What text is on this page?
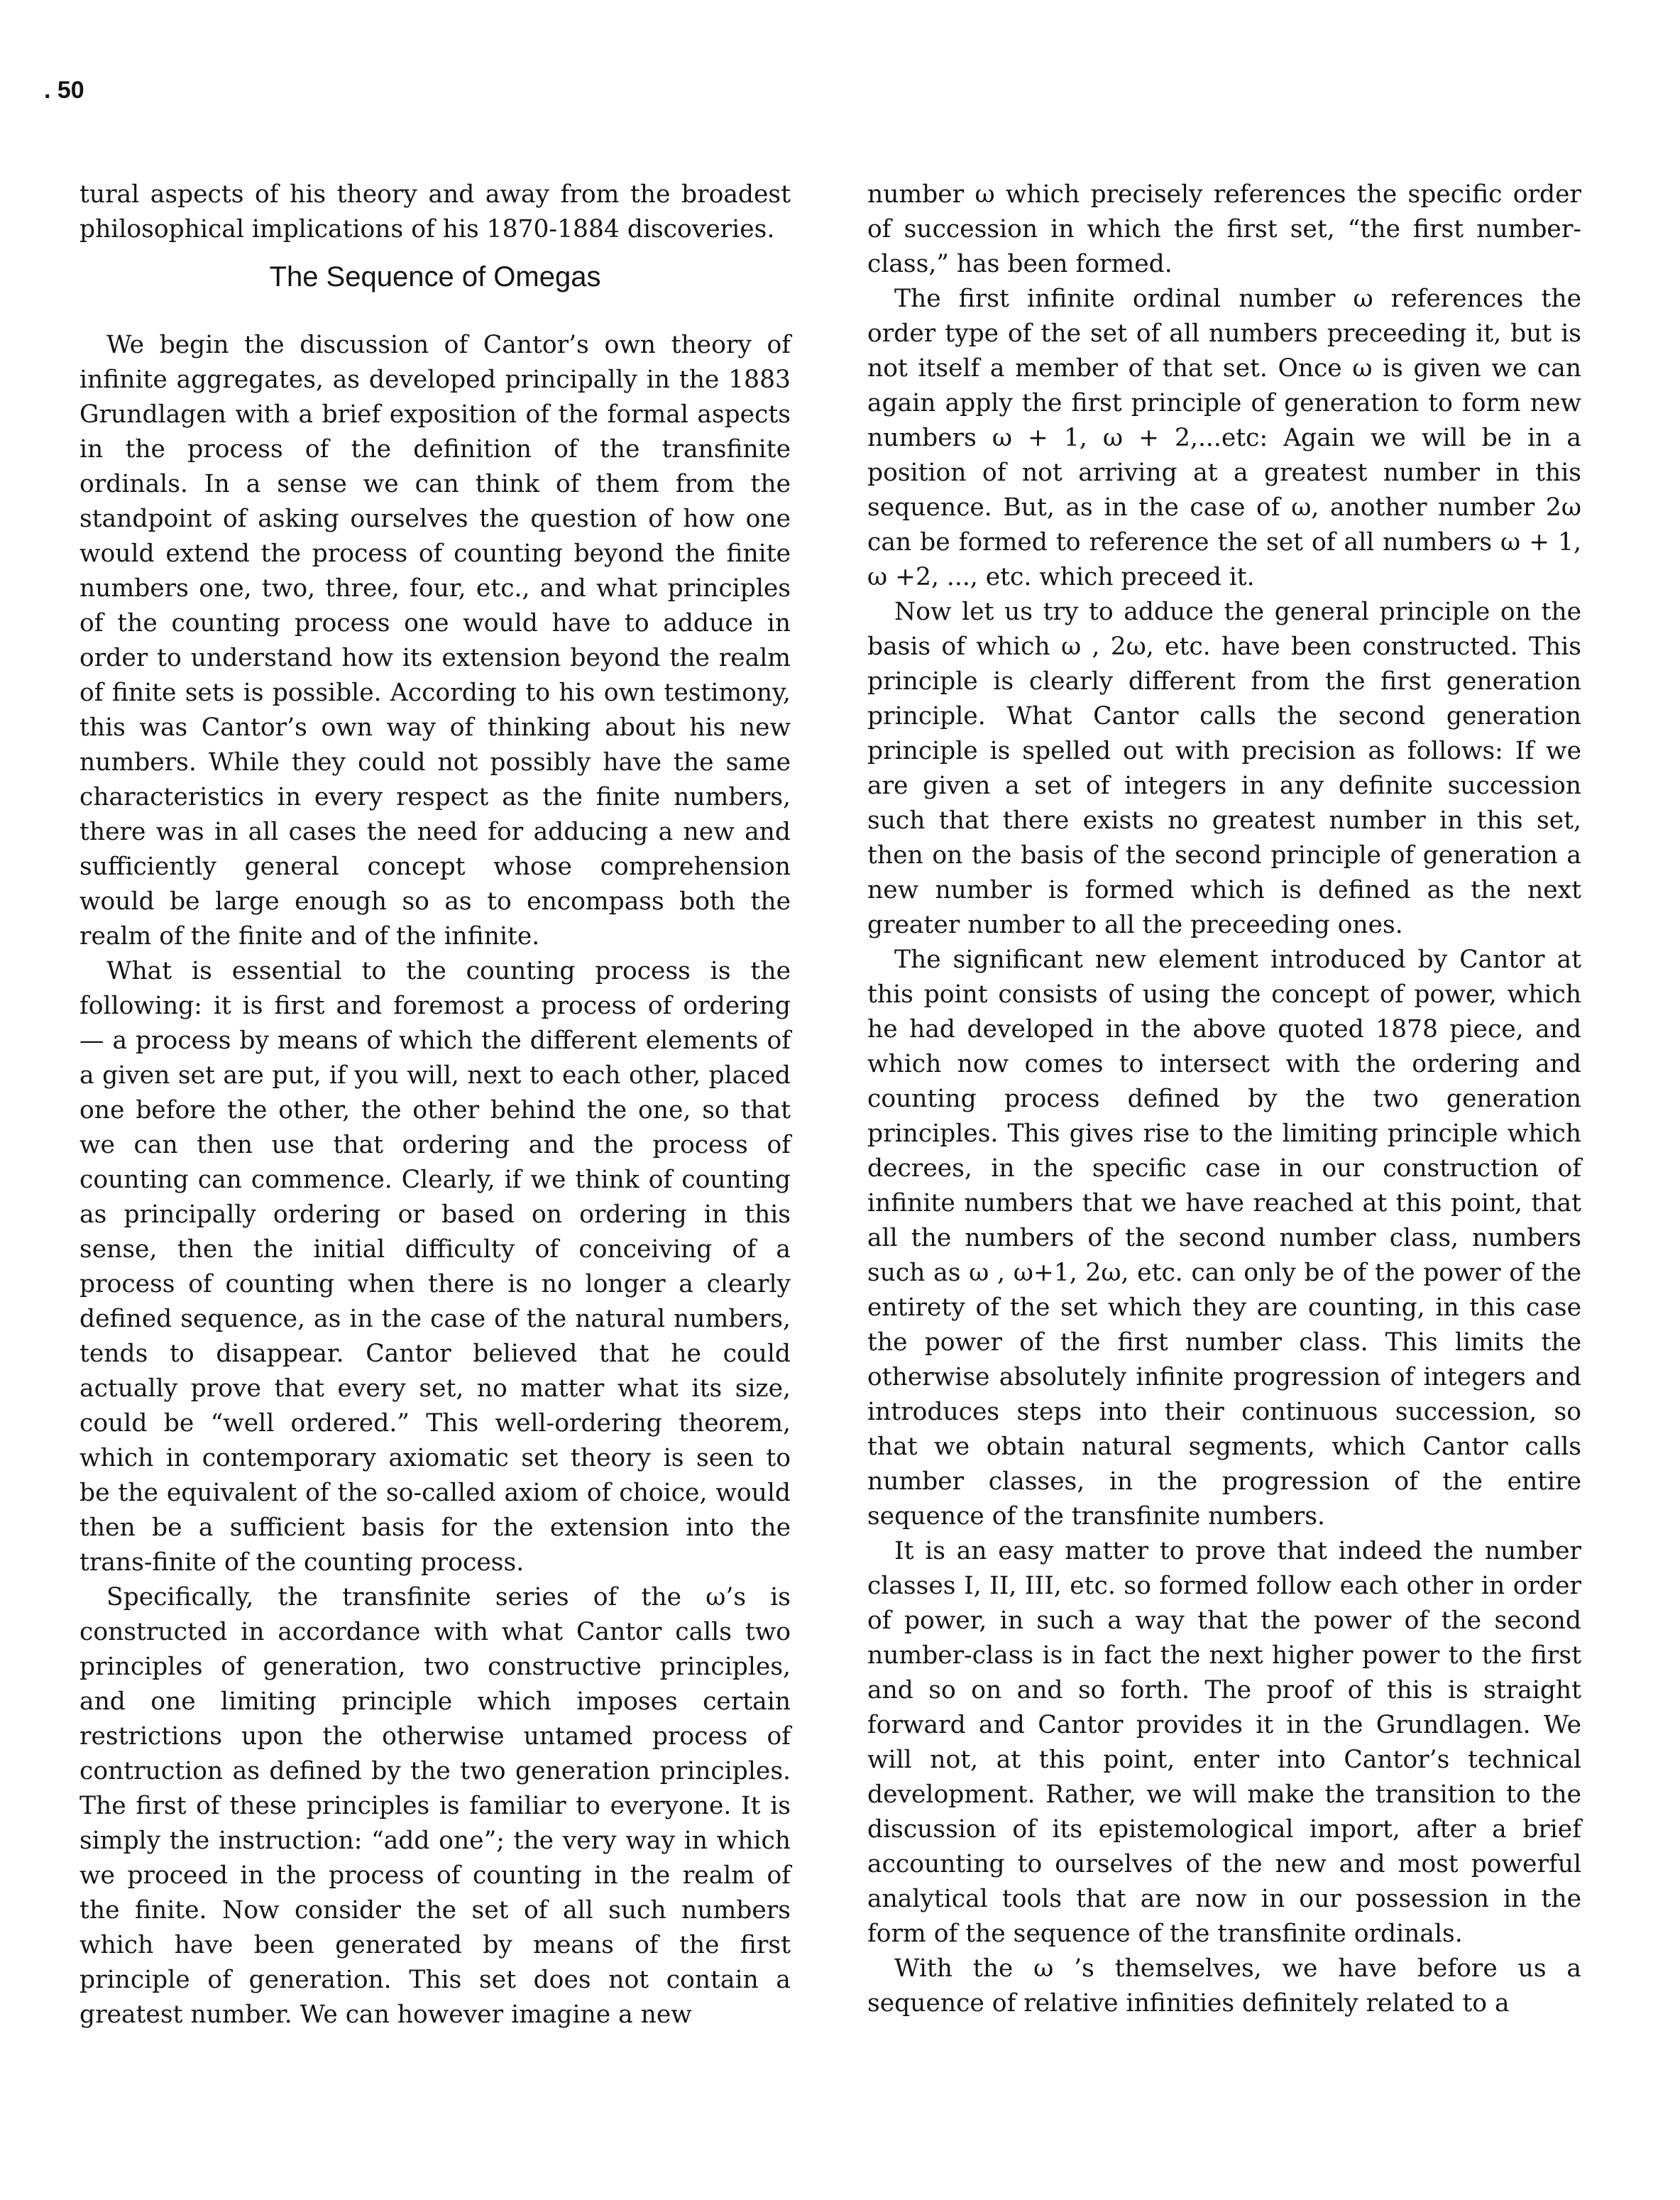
. 50

tural aspects of his theory and away from the broadest philosophical implications of his 1870-1884 discoveries.

The Sequence of Omegas

We begin the discussion of Cantor’s own theory of infinite aggregates, as developed principally in the 1883 Grundlagen with a brief exposition of the formal aspects in the process of the definition of the transfinite ordinals. In a sense we can think of them from the standpoint of asking ourselves the question of how one would extend the process of counting beyond the finite numbers one, two, three, four, etc., and what principles of the counting process one would have to adduce in order to understand how its extension beyond the realm of finite sets is possible. According to his own testimony, this was Cantor’s own way of thinking about his new numbers. While they could not possibly have the same characteristics in every respect as the finite numbers, there was in all cases the need for adducing a new and sufficiently general concept whose comprehension would be large enough so as to encompass both the realm of the finite and of the infinite.

What is essential to the counting process is the following: it is first and foremost a process of ordering — a process by means of which the different elements of a given set are put, if you will, next to each other, placed one before the other, the other behind the one, so that we can then use that ordering and the process of counting can commence. Clearly, if we think of counting as principally ordering or based on ordering in this sense, then the initial difficulty of conceiving of a process of counting when there is no longer a clearly defined sequence, as in the case of the natural numbers, tends to disappear. Cantor believed that he could actually prove that every set, no matter what its size, could be “well ordered.” This well-ordering theorem, which in contemporary axiomatic set theory is seen to be the equivalent of the so-called axiom of choice, would then be a sufficient basis for the extension into the trans-finite of the counting process.

Specifically, the transfinite series of the ω’s is constructed in accordance with what Cantor calls two principles of generation, two constructive principles, and one limiting principle which imposes certain restrictions upon the otherwise untamed process of contruction as defined by the two generation principles. The first of these principles is familiar to everyone. It is simply the instruction: “add one”; the very way in which we proceed in the process of counting in the realm of the finite. Now consider the set of all such numbers which have been generated by means of the first principle of generation. This set does not contain a greatest number. We can however imagine a new

number ω which precisely references the specific order of succession in which the first set, “the first number-class,” has been formed.

The first infinite ordinal number ω references the order type of the set of all numbers preceeding it, but is not itself a member of that set. Once ω is given we can again apply the first principle of generation to form new numbers ω + 1, ω + 2,...etc: Again we will be in a position of not arriving at a greatest number in this sequence. But, as in the case of ω, another number 2ω can be formed to reference the set of all numbers ω + 1, ω +2, ..., etc. which preceed it.

Now let us try to adduce the general principle on the basis of which ω , 2ω, etc. have been constructed. This principle is clearly different from the first generation principle. What Cantor calls the second generation principle is spelled out with precision as follows: If we are given a set of integers in any definite succession such that there exists no greatest number in this set, then on the basis of the second principle of generation a new number is formed which is defined as the next greater number to all the preceeding ones.

The significant new element introduced by Cantor at this point consists of using the concept of power, which he had developed in the above quoted 1878 piece, and which now comes to intersect with the ordering and counting process defined by the two generation principles. This gives rise to the limiting principle which decrees, in the specific case in our construction of infinite numbers that we have reached at this point, that all the numbers of the second number class, numbers such as ω , ω+1, 2ω, etc. can only be of the power of the entirety of the set which they are counting, in this case the power of the first number class. This limits the otherwise absolutely infinite progression of integers and introduces steps into their continuous succession, so that we obtain natural segments, which Cantor calls number classes, in the progression of the entire sequence of the transfinite numbers.

It is an easy matter to prove that indeed the number classes I, II, III, etc. so formed follow each other in order of power, in such a way that the power of the second number-class is in fact the next higher power to the first and so on and so forth. The proof of this is straight forward and Cantor provides it in the Grundlagen. We will not, at this point, enter into Cantor’s technical development. Rather, we will make the transition to the discussion of its epistemological import, after a brief accounting to ourselves of the new and most powerful analytical tools that are now in our possession in the form of the sequence of the transfinite ordinals.

With the ω ’s themselves, we have before us a sequence of relative infinities definitely related to a
